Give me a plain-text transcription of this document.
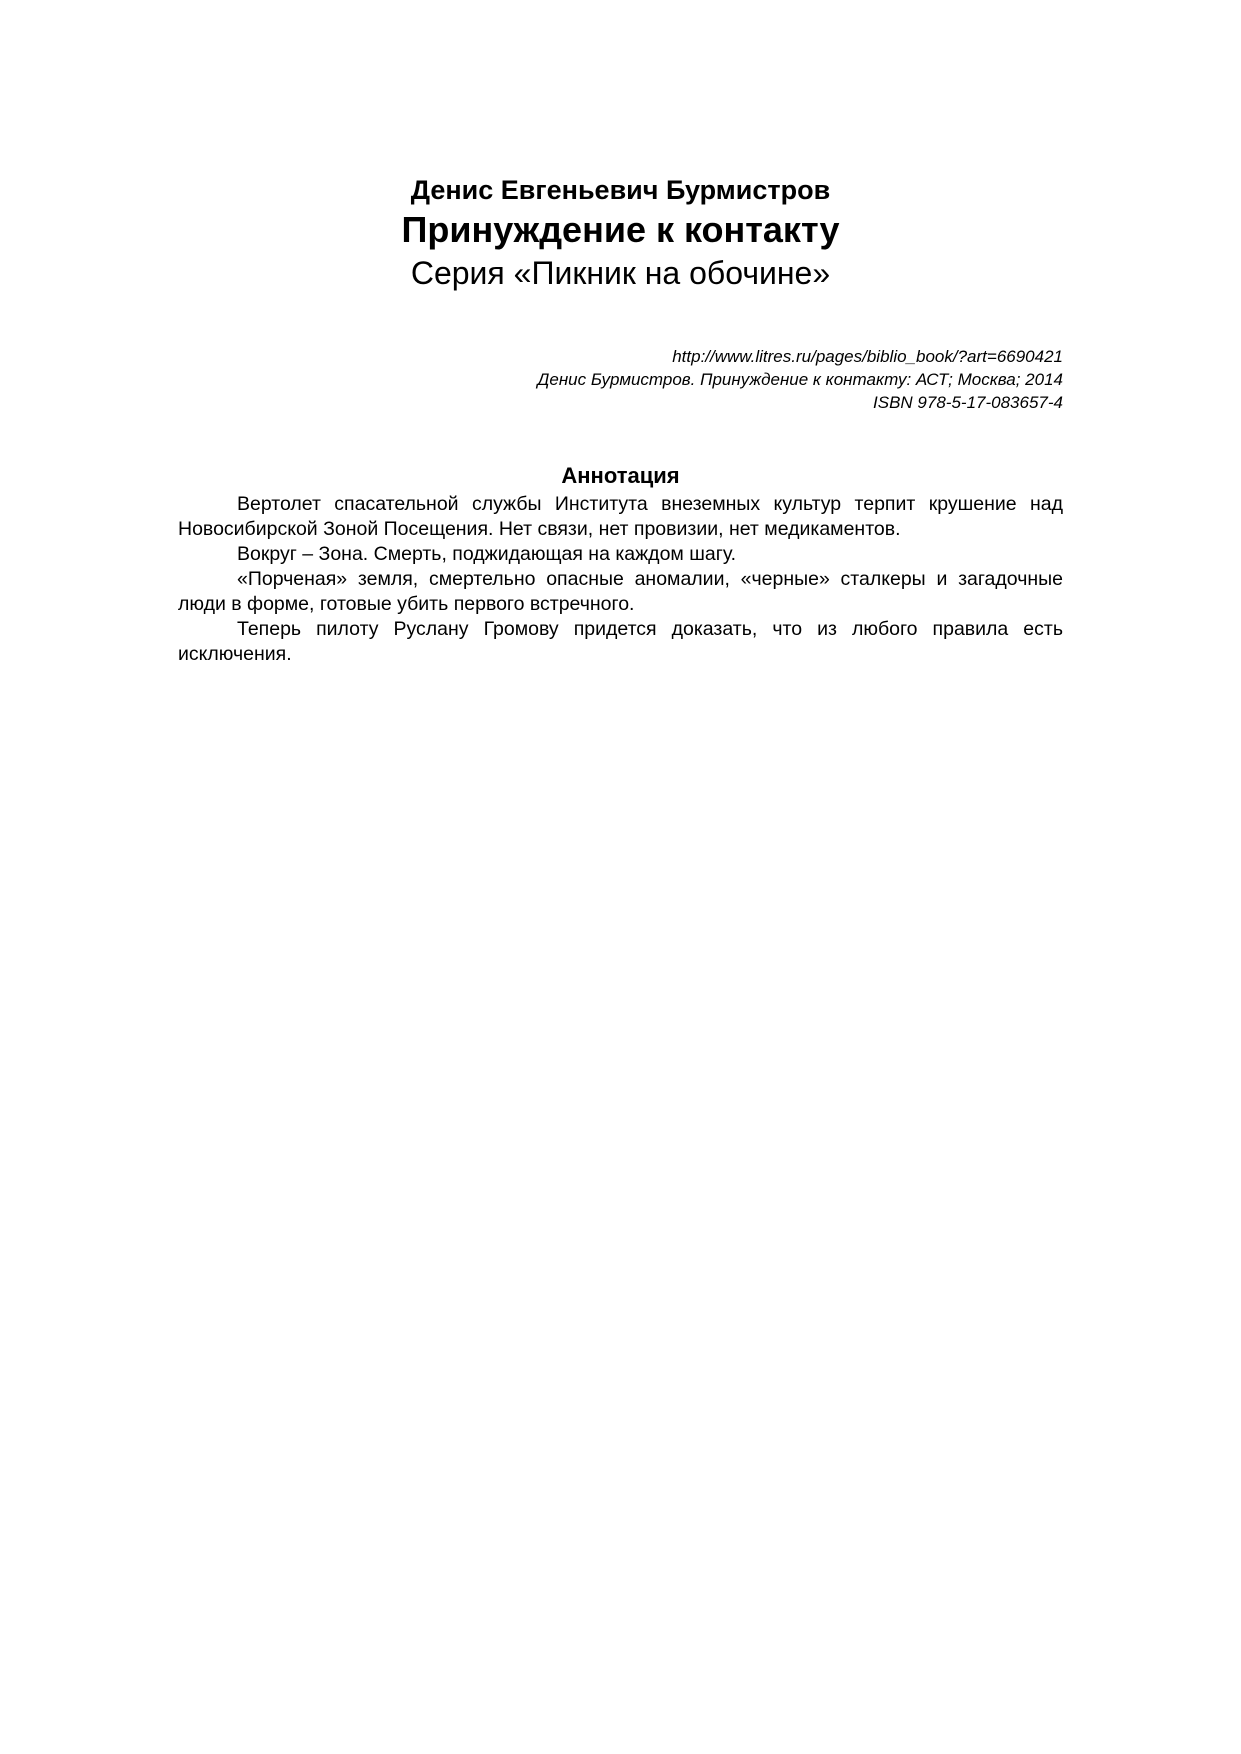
Денис Евгеньевич Бурмистров

Принуждение к контакту

Серия «Пикник на обочине»

http://www.litres.ru/pages/biblio_book/?art=6690421
Денис Бурмистров. Принуждение к контакту: АСТ; Москва; 2014
ISBN 978-5-17-083657-4

Аннотация

Вертолет спасательной службы Института внеземных культур терпит крушение над Новосибирской Зоной Посещения. Нет связи, нет провизии, нет медикаментов.

Вокруг – Зона. Смерть, поджидающая на каждом шагу.

«Порченая» земля, смертельно опасные аномалии, «черные» сталкеры и загадочные люди в форме, готовые убить первого встречного.

Теперь пилоту Руслану Громову придется доказать, что из любого правила есть исключения.
